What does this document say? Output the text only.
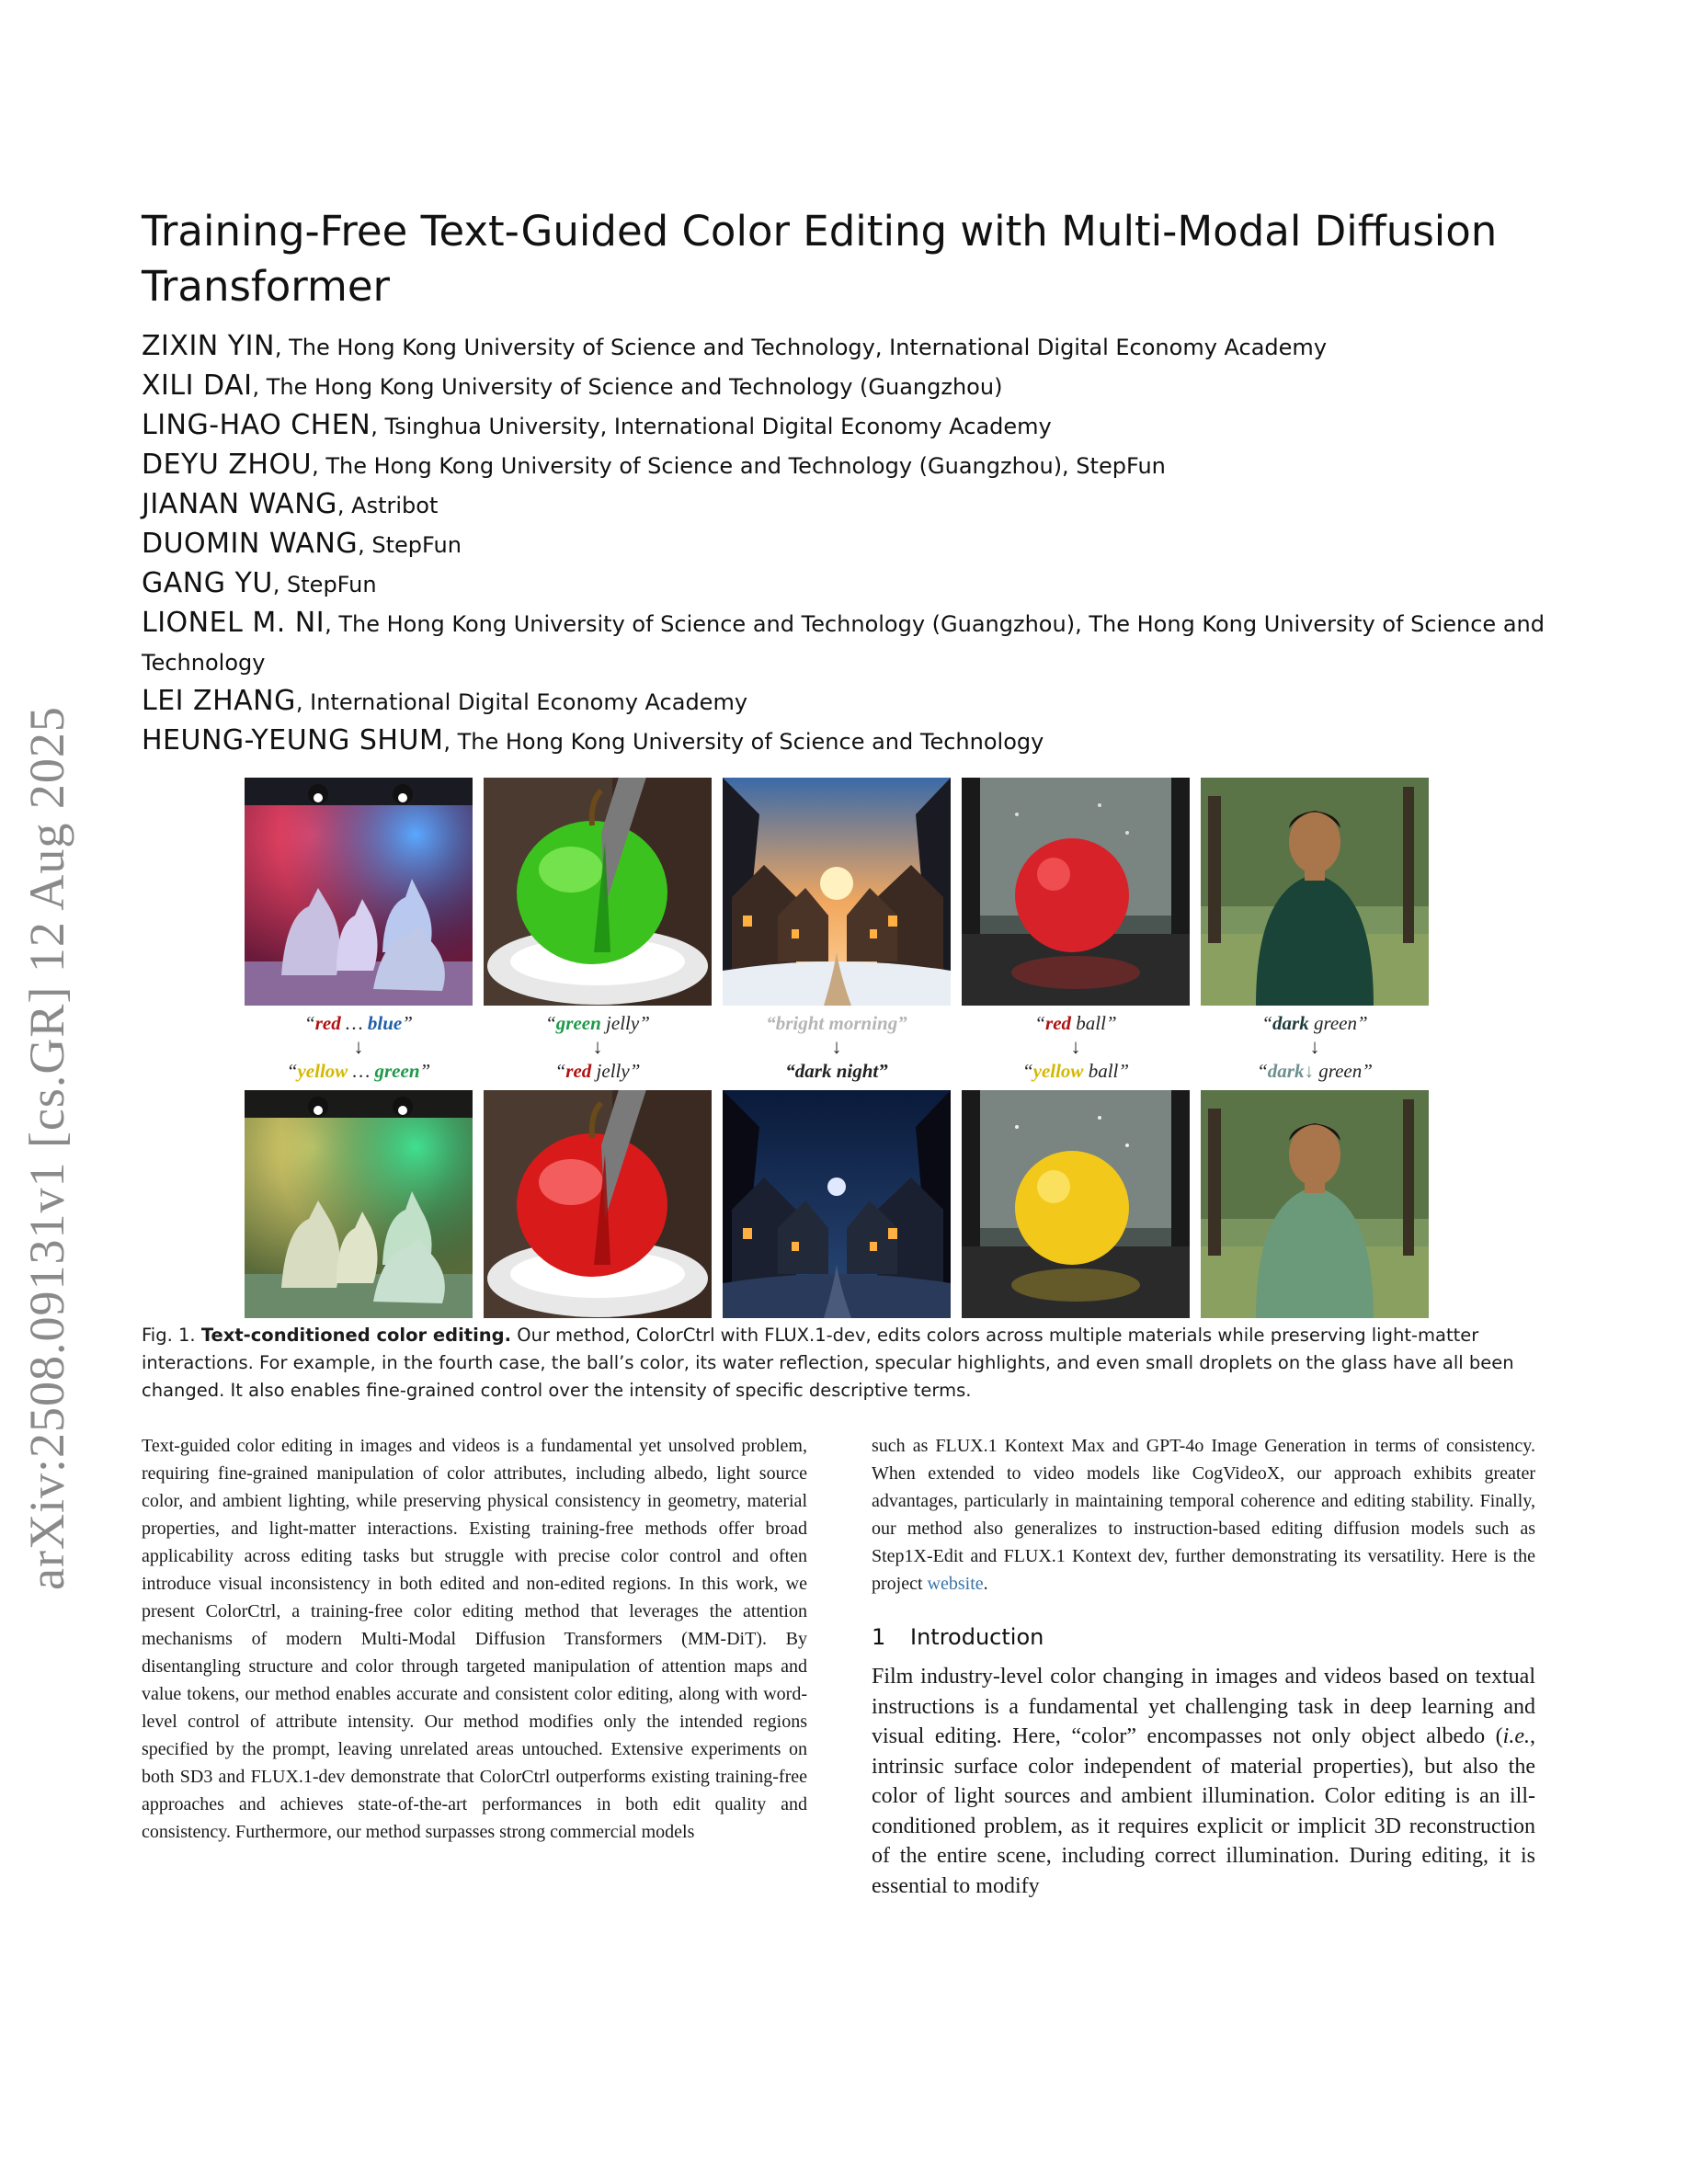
arXiv:2508.09131v1 [cs.GR] 12 Aug 2025
Training-Free Text-Guided Color Editing with Multi-Modal Diffusion Transformer
ZIXIN YIN, The Hong Kong University of Science and Technology, International Digital Economy Academy
XILI DAI, The Hong Kong University of Science and Technology (Guangzhou)
LING-HAO CHEN, Tsinghua University, International Digital Economy Academy
DEYU ZHOU, The Hong Kong University of Science and Technology (Guangzhou), StepFun
JIANAN WANG, Astribot
DUOMIN WANG, StepFun
GANG YU, StepFun
LIONEL M. NI, The Hong Kong University of Science and Technology (Guangzhou), The Hong Kong University of Science and Technology
LEI ZHANG, International Digital Economy Academy
HEUNG-YEUNG SHUM, The Hong Kong University of Science and Technology
“red … blue”
↓
“yellow … green”
“green jelly”
↓
“red jelly”
“bright morning”
↓
“dark night”
“red ball”
↓
“yellow ball”
“dark green”
↓
“dark↓ green”
Fig. 1. Text-conditioned color editing. Our method, ColorCtrl with FLUX.1-dev, edits colors across multiple materials while preserving light-matter interactions. For example, in the fourth case, the ball’s color, its water reflection, specular highlights, and even small droplets on the glass have all been changed. It also enables fine-grained control over the intensity of specific descriptive terms.
Text-guided color editing in images and videos is a fundamental yet unsolved problem, requiring fine-grained manipulation of color attributes, including albedo, light source color, and ambient lighting, while preserving physical consistency in geometry, material properties, and light-matter interactions. Existing training-free methods offer broad applicability across editing tasks but struggle with precise color control and often introduce visual inconsistency in both edited and non-edited regions. In this work, we present ColorCtrl, a training-free color editing method that leverages the attention mechanisms of modern Multi-Modal Diffusion Transformers (MM-DiT). By disentangling structure and color through targeted manipulation of attention maps and value tokens, our method enables accurate and consistent color editing, along with word-level control of attribute intensity. Our method modifies only the intended regions specified by the prompt, leaving unrelated areas untouched. Extensive experiments on both SD3 and FLUX.1-dev demonstrate that ColorCtrl outperforms existing training-free approaches and achieves state-of-the-art performances in both edit quality and consistency. Furthermore, our method surpasses strong commercial models
such as FLUX.1 Kontext Max and GPT-4o Image Generation in terms of consistency. When extended to video models like CogVideoX, our approach exhibits greater advantages, particularly in maintaining temporal coherence and editing stability. Finally, our method also generalizes to instruction-based editing diffusion models such as Step1X-Edit and FLUX.1 Kontext dev, further demonstrating its versatility. Here is the project website.
1 Introduction
Film industry-level color changing in images and videos based on textual instructions is a fundamental yet challenging task in deep learning and visual editing. Here, “color” encompasses not only object albedo (i.e., intrinsic surface color independent of material properties), but also the color of light sources and ambient illumination. Color editing is an ill-conditioned problem, as it requires explicit or implicit 3D reconstruction of the entire scene, including correct illumination. During editing, it is essential to modify
